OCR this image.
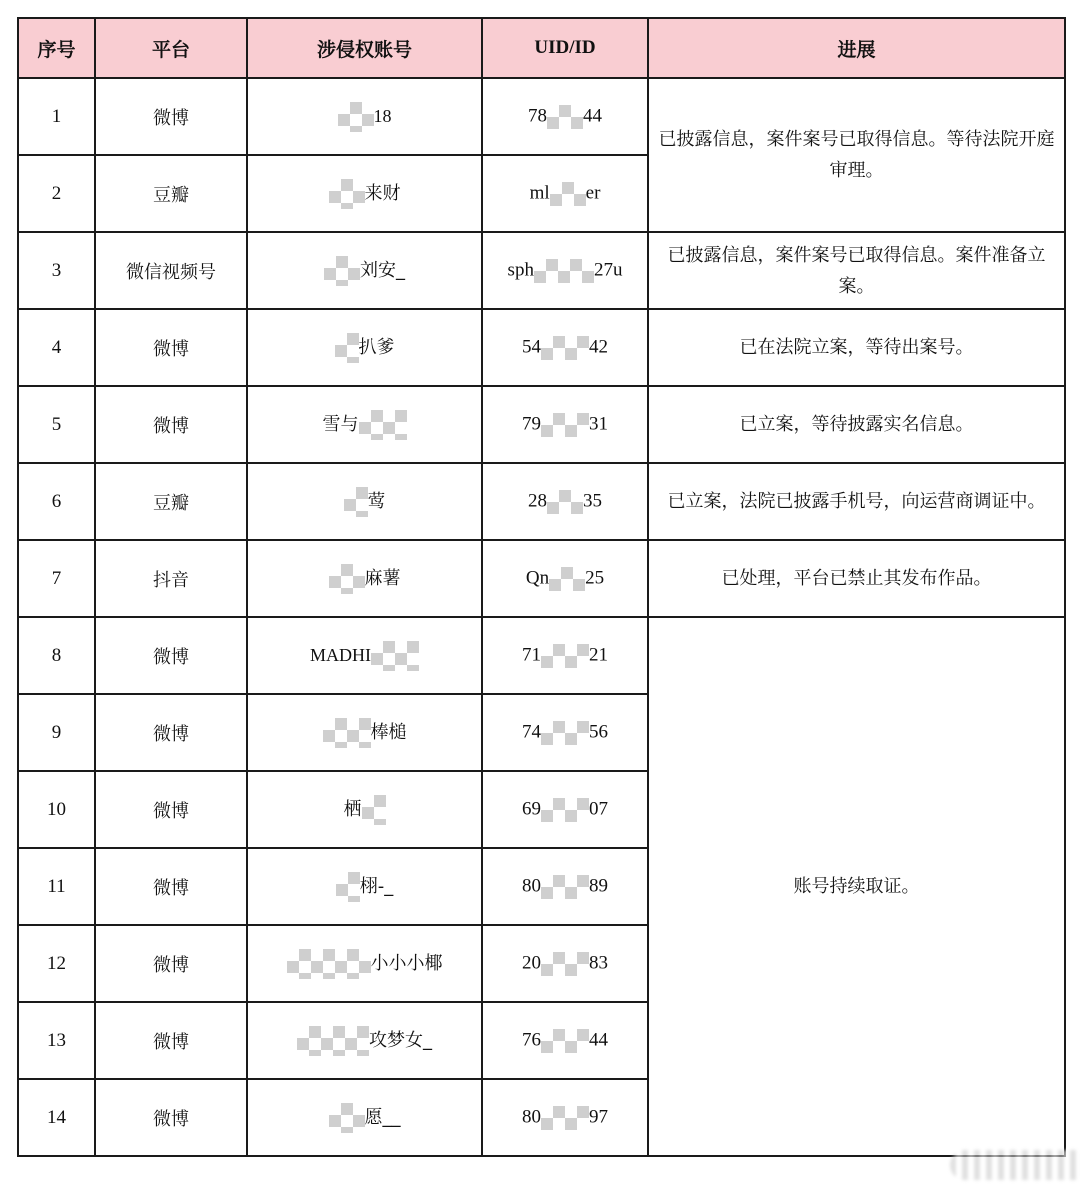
序号	平台	涉侵权账号	UID/ID	进展
1	微博	18	78 44	已披露信息，案件案号已取得信息。等待法院开庭审理。
2	豆瓣	来财	ml er	
3	微信视频号	刘安_	sph 27u	已披露信息，案件案号已取得信息。案件准备立案。
4	微博	扒爹	54 42	已在法院立案，等待出案号。
5	微博	雪与	79 31	已立案，等待披露实名信息。
6	豆瓣	莺	28 35	已立案，法院已披露手机号，向运营商调证中。
7	抖音	麻薯	Qn 25	已处理，平台已禁止其发布作品。
8	微博	MADHI	71 21	账号持续取证。
9	微博	棒槌	74 56	
10	微博	栖	69 07	
11	微博	栩-_	80 89	
12	微博	小小小椰	20 83	
13	微博	攻梦女_	76 44	
14	微博	愿__	80 97	
